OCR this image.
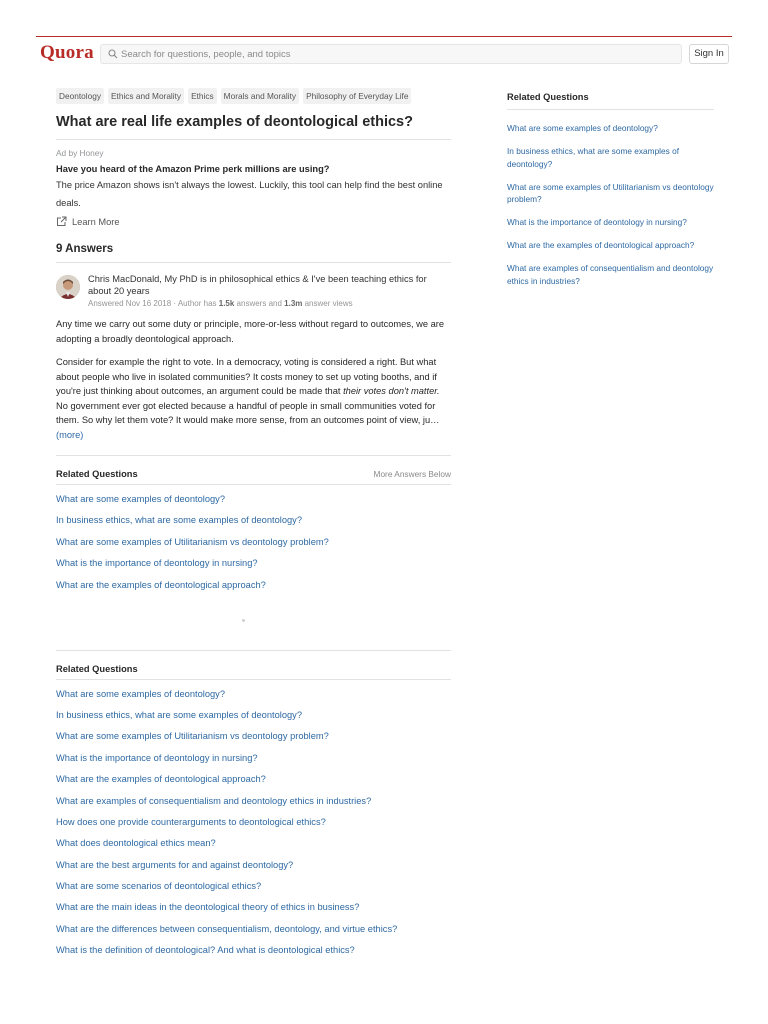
Quora
Search for questions, people, and topics	Sign In
Deontology	Ethics and Morality	Ethics	Morals and Morality	Philosophy of Everyday Life
What are real life examples of deontological ethics?
Ad by Honey
Have you heard of the Amazon Prime perk millions are using?
The price Amazon shows isn't always the lowest. Luckily, this tool can help find the best online deals.
Learn More
9 Answers
Chris MacDonald, My PhD is in philosophical ethics & I've been teaching ethics for about 20 years
Answered Nov 16 2018 · Author has 1.5k answers and 1.3m answer views
Any time we carry out some duty or principle, more-or-less without regard to outcomes, we are adopting a broadly deontological approach.
Consider for example the right to vote. In a democracy, voting is considered a right. But what about people who live in isolated communities? It costs money to set up voting booths, and if you're just thinking about outcomes, an argument could be made that their votes don't matter. No government ever got elected because a handful of people in small communities voted for them. So why let them vote? It would make more sense, from an outcomes point of view, ju…(more)
Related Questions	More Answers Below
What are some examples of deontology?
In business ethics, what are some examples of deontology?
What are some examples of Utilitarianism vs deontology problem?
What is the importance of deontology in nursing?
What are the examples of deontological approach?
Related Questions
What are some examples of deontology?
In business ethics, what are some examples of deontology?
What are some examples of Utilitarianism vs deontology problem?
What is the importance of deontology in nursing?
What are the examples of deontological approach?
What are examples of consequentialism and deontology ethics in industries?
How does one provide counterarguments to deontological ethics?
What does deontological ethics mean?
What are the best arguments for and against deontology?
What are some scenarios of deontological ethics?
What are the main ideas in the deontological theory of ethics in business?
What are the differences between consequentialism, deontology, and virtue ethics?
What is the definition of deontological? And what is deontological ethics?
Related Questions
What are some examples of deontology?
In business ethics, what are some examples of deontology?
What are some examples of Utilitarianism vs deontology problem?
What is the importance of deontology in nursing?
What are the examples of deontological approach?
What are examples of consequentialism and deontology ethics in industries?
